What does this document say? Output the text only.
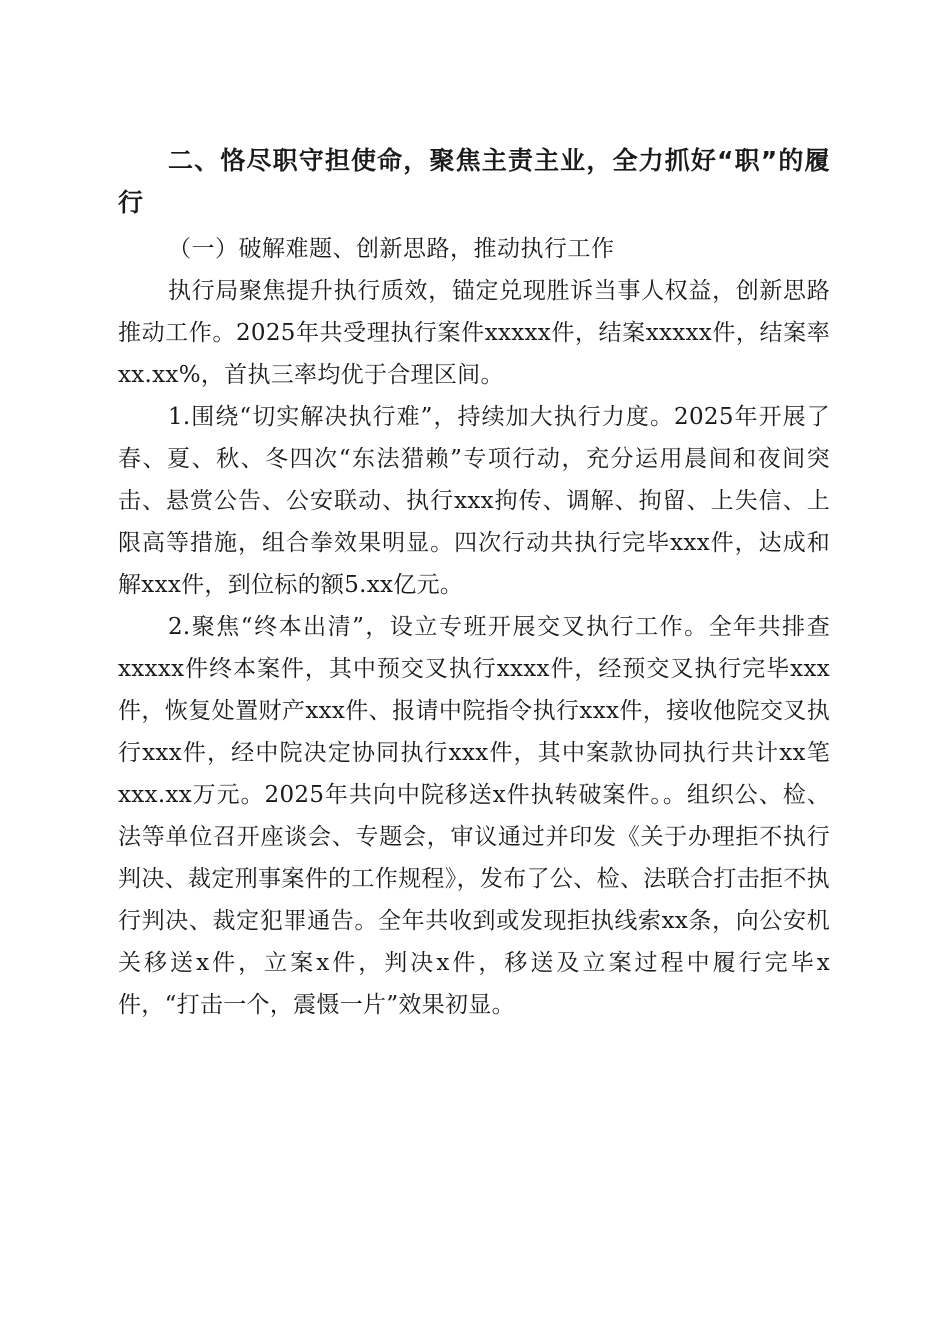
二、恪尽职守担使命，聚焦主责主业，全力抓好“职”的履行

（一）破解难题、创新思路，推动执行工作

执行局聚焦提升执行质效，锚定兑现胜诉当事人权益，创新思路推动工作。2025年共受理执行案件xxxxx件，结案xxxxx件，结案率xx.xx%，首执三率均优于合理区间。

1.围绕“切实解决执行难”，持续加大执行力度。2025年开展了春、夏、秋、冬四次“东法猎赖”专项行动，充分运用晨间和夜间突击、悬赏公告、公安联动、执行xxx拘传、调解、拘留、上失信、上限高等措施，组合拳效果明显。四次行动共执行完毕xxx件，达成和解xxx件，到位标的额5.xx亿元。

2.聚焦“终本出清”，设立专班开展交叉执行工作。全年共排查xxxxx件终本案件，其中预交叉执行xxxx件，经预交叉执行完毕xxx件，恢复处置财产xxx件、报请中院指令执行xxx件，接收他院交叉执行xxx件，经中院决定协同执行xxx件，其中案款协同执行共计xx笔xxx.xx万元。2025年共向中院移送x件执转破案件。。组织公、检、法等单位召开座谈会、专题会，审议通过并印发《关于办理拒不执行判决、裁定刑事案件的工作规程》，发布了公、检、法联合打击拒不执行判决、裁定犯罪通告。全年共收到或发现拒执线索xx条，向公安机关移送x件，立案x件，判决x件，移送及立案过程中履行完毕x件，“打击一个，震慑一片”效果初显。
